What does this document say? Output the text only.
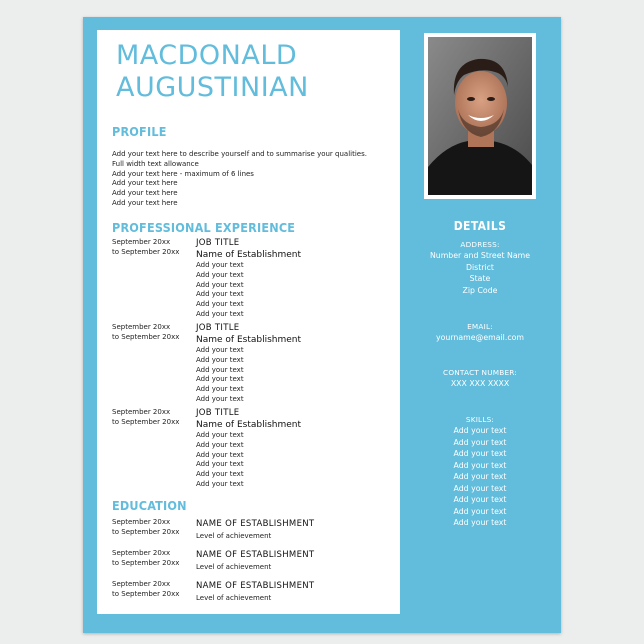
MACDONALD
AUGUSTINIAN
PROFILE
Add your text here to describe yourself and to summarise your qualities.
Full width text allowance
Add your text here - maximum of 6 lines
Add your text here
Add your text here
Add your text here
PROFESSIONAL EXPERIENCE
September 20xx
to September 20xx
JOB TITLE
Name of Establishment
Add your text
Add your text
Add your text
Add your text
Add your text
Add your text
September 20xx
to September 20xx
JOB TITLE
Name of Establishment
Add your text
Add your text
Add your text
Add your text
Add your text
Add your text
September 20xx
to September 20xx
JOB TITLE
Name of Establishment
Add your text
Add your text
Add your text
Add your text
Add your text
Add your text
EDUCATION
September 20xx
to September 20xx
NAME OF ESTABLISHMENT
Level of achievement
September 20xx
to September 20xx
NAME OF ESTABLISHMENT
Level of achievement
September 20xx
to September 20xx
NAME OF ESTABLISHMENT
Level of achievement
DETAILS
ADDRESS:
Number and Street Name
District
State
Zip Code
EMAIL:
yourname@email.com
CONTACT NUMBER:
XXX XXX XXXX
SKILLS:
Add your text
Add your text
Add your text
Add your text
Add your text
Add your text
Add your text
Add your text
Add your text
